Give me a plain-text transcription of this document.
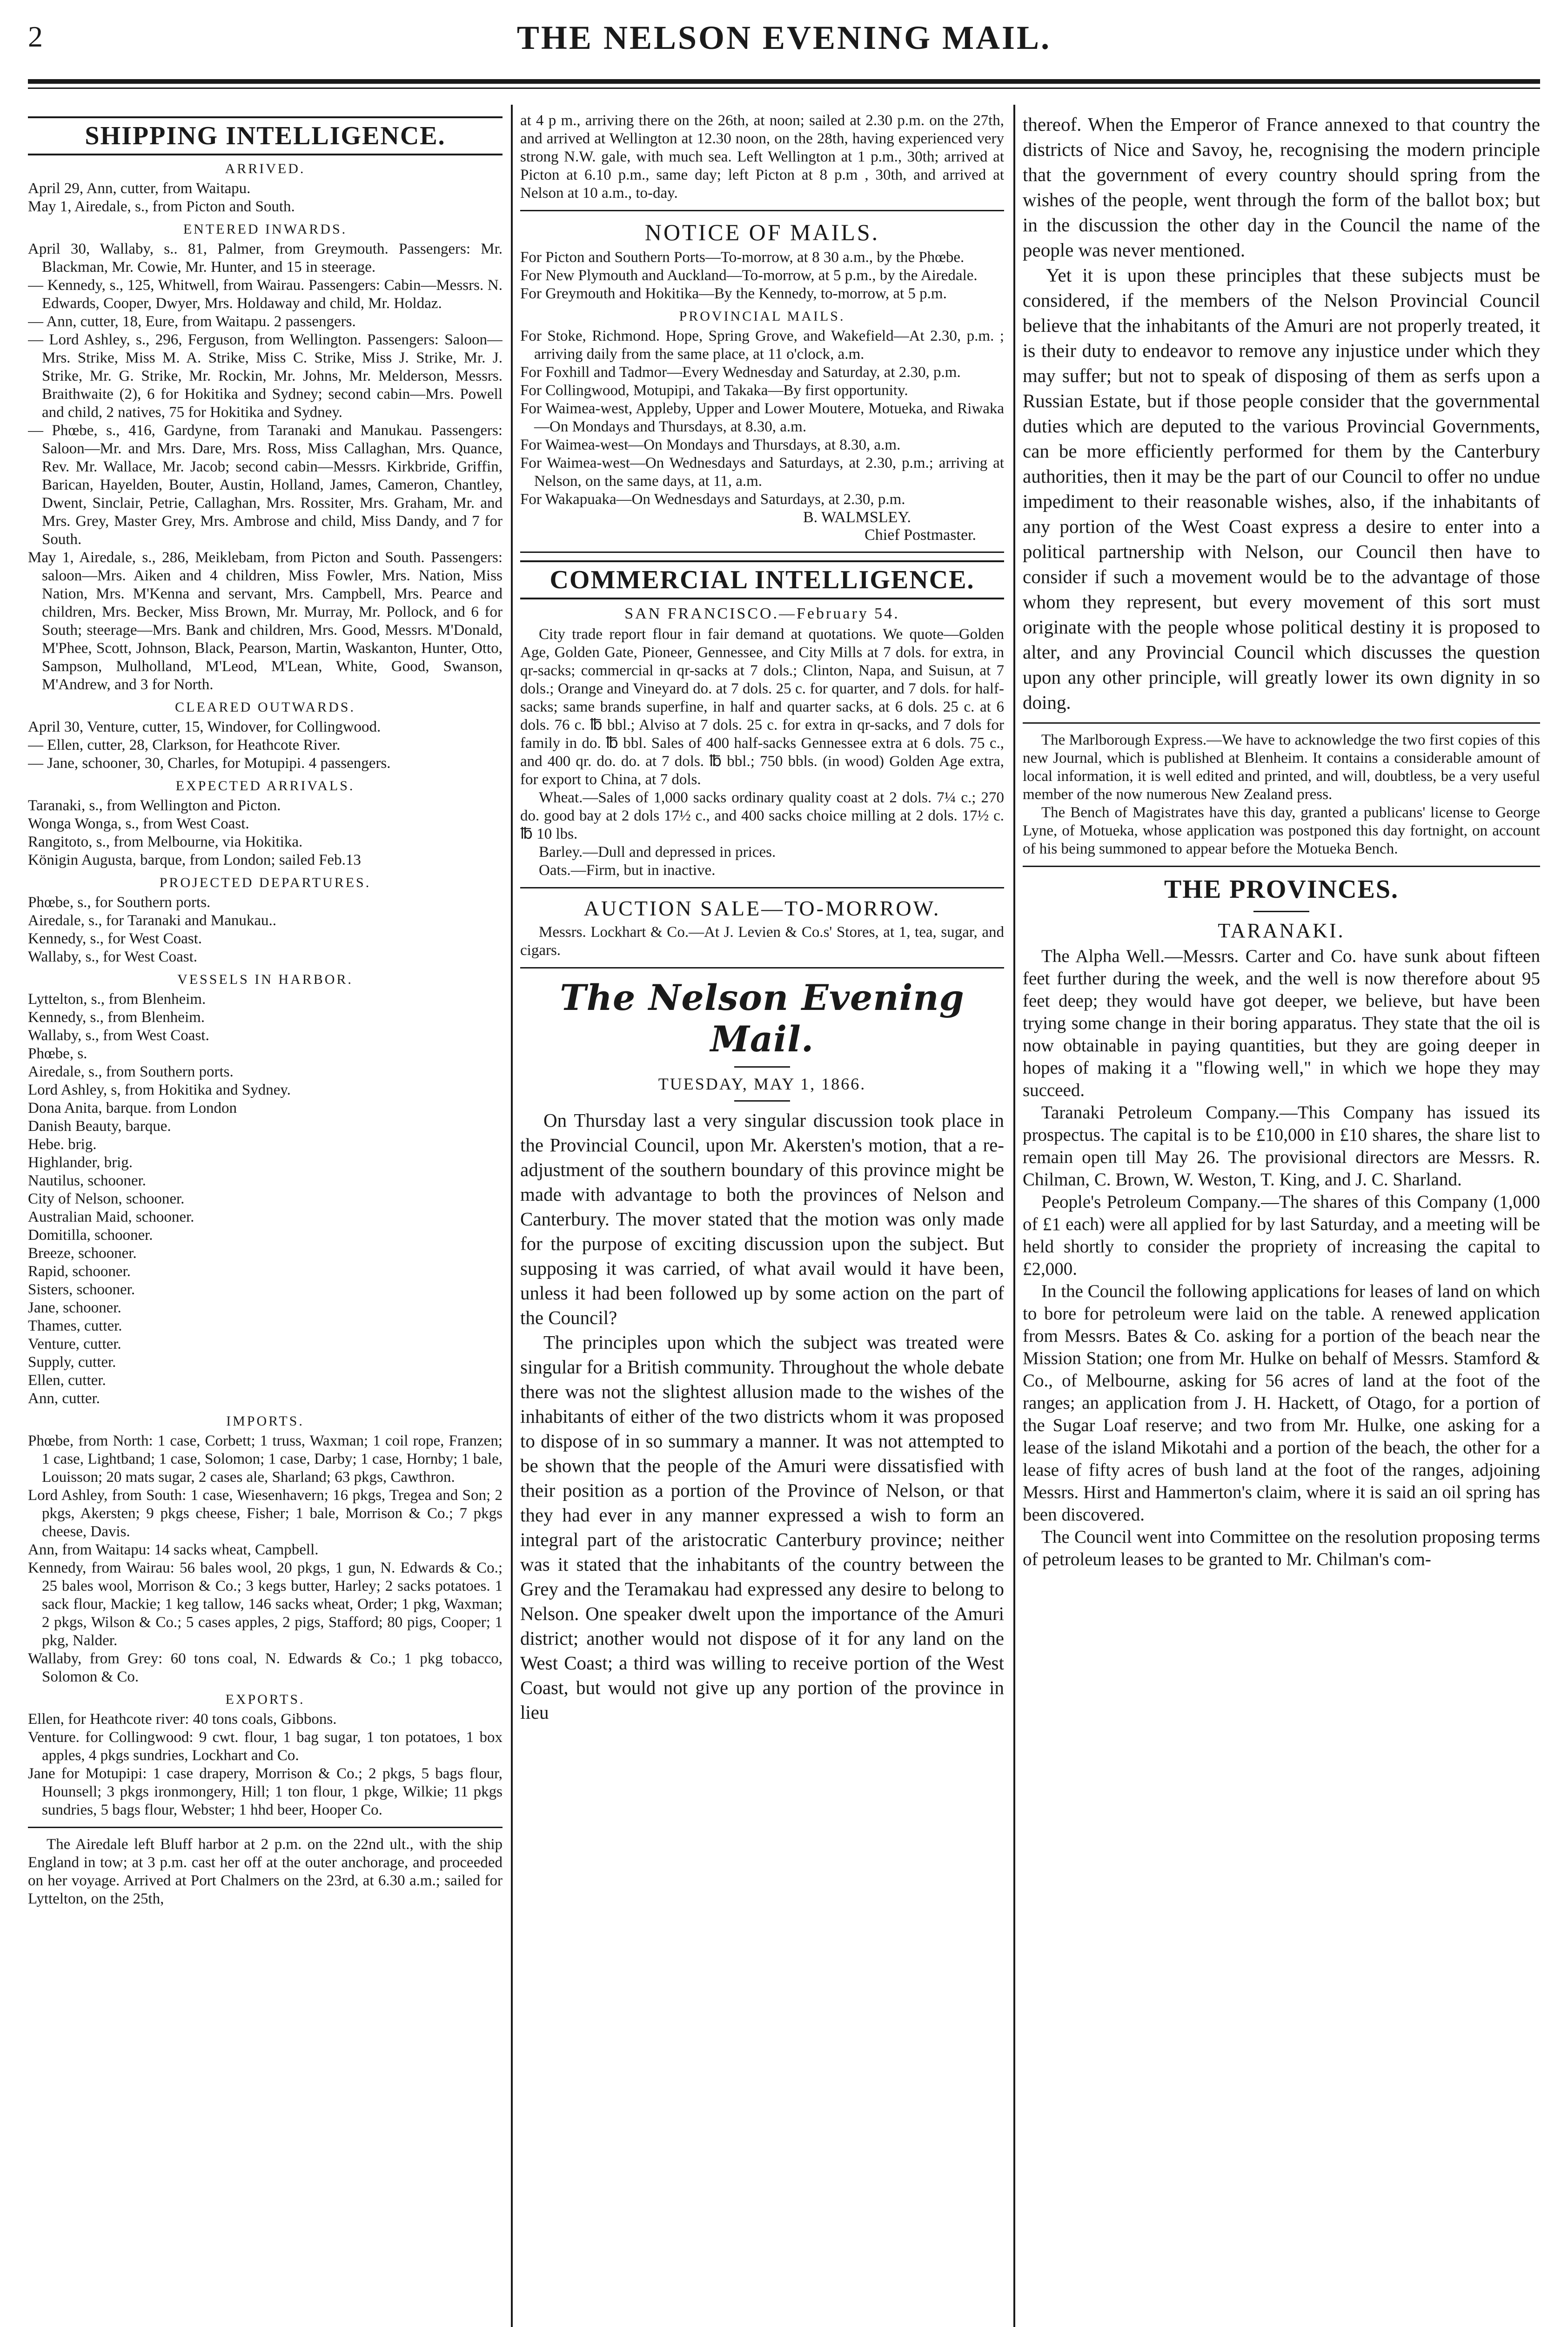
2	THE NELSON EVENING MAIL.
SHIPPING INTELLIGENCE.
ARRIVED.

April 29, Ann, cutter, from Waitapu.

May 1, Airedale, s., from Picton and South.

ENTERED INWARDS.

April 30, Wallaby, s.. 81, Palmer, from Greymouth. Passengers: Mr. Blackman, Mr. Cowie, Mr. Hunter, and 15 in steerage.

— Kennedy, s., 125, Whitwell, from Wairau. Passengers: Cabin—Messrs. N. Edwards, Cooper, Dwyer, Mrs. Holdaway and child, Mr. Holdaz.

— Ann, cutter, 18, Eure, from Waitapu. 2 passengers.

— Lord Ashley, s., 296, Ferguson, from Wellington. Passengers: Saloon—Mrs. Strike, Miss M. A. Strike, Miss C. Strike, Miss J. Strike, Mr. J. Strike, Mr. G. Strike, Mr. Rockin, Mr. Johns, Mr. Melderson, Messrs. Braithwaite (2), 6 for Hokitika and Sydney; second cabin—Mrs. Powell and child, 2 natives, 75 for Hokitika and Sydney.

— Phœbe, s., 416, Gardyne, from Taranaki and Manukau. Passengers: Saloon—Mr. and Mrs. Dare, Mrs. Ross, Miss Callaghan, Mrs. Quance, Rev. Mr. Wallace, Mr. Jacob; second cabin—Messrs. Kirkbride, Griffin, Barican, Hayelden, Bouter, Austin, Holland, James, Cameron, Chantley, Dwent, Sinclair, Petrie, Callaghan, Mrs. Rossiter, Mrs. Graham, Mr. and Mrs. Grey, Master Grey, Mrs. Ambrose and child, Miss Dandy, and 7 for South.

May 1, Airedale, s., 286, Meiklebam, from Picton and South. Passengers: saloon—Mrs. Aiken and 4 children, Miss Fowler, Mrs. Nation, Miss Nation, Mrs. M'Kenna and servant, Mrs. Campbell, Mrs. Pearce and children, Mrs. Becker, Miss Brown, Mr. Murray, Mr. Pollock, and 6 for South; steerage—Mrs. Bank and children, Mrs. Good, Messrs. M'Donald, M'Phee, Scott, Johnson, Black, Pearson, Martin, Waskanton, Hunter, Otto, Sampson, Mulholland, M'Leod, M'Lean, White, Good, Swanson, M'Andrew, and 3 for North.

CLEARED OUTWARDS.

April 30, Venture, cutter, 15, Windover, for Collingwood.

— Ellen, cutter, 28, Clarkson, for Heathcote River.

— Jane, schooner, 30, Charles, for Motupipi. 4 passengers.

EXPECTED ARRIVALS.

Taranaki, s., from Wellington and Picton.

Wonga Wonga, s., from West Coast.

Rangitoto, s., from Melbourne, via Hokitika.

Königin Augusta, barque, from London; sailed Feb.13

PROJECTED DEPARTURES.

Phœbe, s., for Southern ports.

Airedale, s., for Taranaki and Manukau..

Kennedy, s., for West Coast.

Wallaby, s., for West Coast.

VESSELS IN HARBOR.

Lyttelton, s., from Blenheim.

Kennedy, s., from Blenheim.

Wallaby, s., from West Coast.

Phœbe, s.

Airedale, s., from Southern ports.

Lord Ashley, s, from Hokitika and Sydney.

Dona Anita, barque. from London

Danish Beauty, barque.

Hebe. brig.

Highlander, brig.

Nautilus, schooner.

City of Nelson, schooner.

Australian Maid, schooner.

Domitilla, schooner.

Breeze, schooner.

Rapid, schooner.

Sisters, schooner.

Jane, schooner.

Thames, cutter.

Venture, cutter.

Supply, cutter.

Ellen, cutter.

Ann, cutter.

IMPORTS.

Phœbe, from North: 1 case, Corbett; 1 truss, Waxman; 1 coil rope, Franzen; 1 case, Lightband; 1 case, Solomon; 1 case, Darby; 1 case, Hornby; 1 bale, Louisson; 20 mats sugar, 2 cases ale, Sharland; 63 pkgs, Cawthron.

Lord Ashley, from South: 1 case, Wiesenhavern; 16 pkgs, Tregea and Son; 2 pkgs, Akersten; 9 pkgs cheese, Fisher; 1 bale, Morrison & Co.; 7 pkgs cheese, Davis.

Ann, from Waitapu: 14 sacks wheat, Campbell.

Kennedy, from Wairau: 56 bales wool, 20 pkgs, 1 gun, N. Edwards & Co.; 25 bales wool, Morrison & Co.; 3 kegs butter, Harley; 2 sacks potatoes. 1 sack flour, Mackie; 1 keg tallow, 146 sacks wheat, Order; 1 pkg, Waxman; 2 pkgs, Wilson & Co.; 5 cases apples, 2 pigs, Stafford; 80 pigs, Cooper; 1 pkg, Nalder.

Wallaby, from Grey: 60 tons coal, N. Edwards & Co.; 1 pkg tobacco, Solomon & Co.

EXPORTS.

Ellen, for Heathcote river: 40 tons coals, Gibbons.

Venture. for Collingwood: 9 cwt. flour, 1 bag sugar, 1 ton potatoes, 1 box apples, 4 pkgs sundries, Lockhart and Co.

Jane for Motupipi: 1 case drapery, Morrison & Co.; 2 pkgs, 5 bags flour, Hounsell; 3 pkgs ironmongery, Hill; 1 ton flour, 1 pkge, Wilkie; 11 pkgs sundries, 5 bags flour, Webster; 1 hhd beer, Hooper Co.

The Airedale left Bluff harbor at 2 p.m. on the 22nd ult., with the ship England in tow; at 3 p.m. cast her off at the outer anchorage, and proceeded on her voyage. Arrived at Port Chalmers on the 23rd, at 6.30 a.m.; sailed for Lyttelton, on the 25th,

at 4 p m., arriving there on the 26th, at noon; sailed at 2.30 p.m. on the 27th, and arrived at Wellington at 12.30 noon, on the 28th, having experienced very strong N.W. gale, with much sea. Left Wellington at 1 p.m., 30th; arrived at Picton at 6.10 p.m., same day; left Picton at 8 p.m , 30th, and arrived at Nelson at 10 a.m., to-day.

NOTICE OF MAILS.

For Picton and Southern Ports—To-morrow, at 8 30 a.m., by the Phœbe.

For New Plymouth and Auckland—To-morrow, at 5 p.m., by the Airedale.

For Greymouth and Hokitika—By the Kennedy, to-morrow, at 5 p.m.

PROVINCIAL MAILS.

For Stoke, Richmond. Hope, Spring Grove, and Wakefield—At 2.30, p.m. ; arriving daily from the same place, at 11 o'clock, a.m.

For Foxhill and Tadmor—Every Wednesday and Saturday, at 2.30, p.m.

For Collingwood, Motupipi, and Takaka—By first opportunity.

For Waimea-west, Appleby, Upper and Lower Moutere, Motueka, and Riwaka—On Mondays and Thursdays, at 8.30, a.m.

For Waimea-west—On Mondays and Thursdays, at 8.30, a.m.

For Waimea-west—On Wednesdays and Saturdays, at 2.30, p.m.; arriving at Nelson, on the same days, at 11, a.m.

For Wakapuaka—On Wednesdays and Saturdays, at 2.30, p.m.

B. WALMSLEY.

Chief Postmaster.

COMMERCIAL INTELLIGENCE.
SAN FRANCISCO.—February 54.

City trade report flour in fair demand at quotations. We quote—Golden Age, Golden Gate, Pioneer, Gennessee, and City Mills at 7 dols. for extra, in qr-sacks; commercial in qr-sacks at 7 dols.; Clinton, Napa, and Suisun, at 7 dols.; Orange and Vineyard do. at 7 dols. 25 c. for quarter, and 7 dols. for half-sacks; same brands superfine, in half and quarter sacks, at 6 dols. 25 c. at 6 dols. 76 c. ℔ bbl.; Alviso at 7 dols. 25 c. for extra in qr-sacks, and 7 dols for family in do. ℔ bbl. Sales of 400 half-sacks Gennessee extra at 6 dols. 75 c., and 400 qr. do. do. at 7 dols. ℔ bbl.; 750 bbls. (in wood) Golden Age extra, for export to China, at 7 dols.

Wheat.—Sales of 1,000 sacks ordinary quality coast at 2 dols. 7¼ c.; 270 do. good bay at 2 dols 17½ c., and 400 sacks choice milling at 2 dols. 17½ c. ℔ 10 lbs.

Barley.—Dull and depressed in prices.

Oats.—Firm, but in inactive.

AUCTION SALE—TO-MORROW.

Messrs. Lockhart & Co.—At J. Levien & Co.s' Stores, at 1, tea, sugar, and cigars.

The Nelson Evening Mail.
TUESDAY, MAY 1, 1866.

On Thursday last a very singular discussion took place in the Provincial Council, upon Mr. Akersten's motion, that a re-adjustment of the southern boundary of this province might be made with advantage to both the provinces of Nelson and Canterbury. The mover stated that the motion was only made for the purpose of exciting discussion upon the subject. But supposing it was carried, of what avail would it have been, unless it had been followed up by some action on the part of the Council?

The principles upon which the subject was treated were singular for a British community. Throughout the whole debate there was not the slightest allusion made to the wishes of the inhabitants of either of the two districts whom it was proposed to dispose of in so summary a manner. It was not attempted to be shown that the people of the Amuri were dissatisfied with their position as a portion of the Province of Nelson, or that they had ever in any manner expressed a wish to form an integral part of the aristocratic Canterbury province; neither was it stated that the inhabitants of the country between the Grey and the Teramakau had expressed any desire to belong to Nelson. One speaker dwelt upon the importance of the Amuri district; another would not dispose of it for any land on the West Coast; a third was willing to receive portion of the West Coast, but would not give up any portion of the province in lieu

thereof. When the Emperor of France annexed to that country the districts of Nice and Savoy, he, recognising the modern principle that the government of every country should spring from the wishes of the people, went through the form of the ballot box; but in the discussion the other day in the Council the name of the people was never mentioned.

Yet it is upon these principles that these subjects must be considered, if the members of the Nelson Provincial Council believe that the inhabitants of the Amuri are not properly treated, it is their duty to endeavor to remove any injustice under which they may suffer; but not to speak of disposing of them as serfs upon a Russian Estate, but if those people consider that the governmental duties which are deputed to the various Provincial Governments, can be more efficiently performed for them by the Canterbury authorities, then it may be the part of our Council to offer no undue impediment to their reasonable wishes, also, if the inhabitants of any portion of the West Coast express a desire to enter into a political partnership with Nelson, our Council then have to consider if such a movement would be to the advantage of those whom they represent, but every movement of this sort must originate with the people whose political destiny it is proposed to alter, and any Provincial Council which discusses the question upon any other principle, will greatly lower its own dignity in so doing.

The Marlborough Express.—We have to acknowledge the two first copies of this new Journal, which is published at Blenheim. It contains a considerable amount of local information, it is well edited and printed, and will, doubtless, be a very useful member of the now numerous New Zealand press.

The Bench of Magistrates have this day, granted a publicans' license to George Lyne, of Motueka, whose application was postponed this day fortnight, on account of his being summoned to appear before the Motueka Bench.

THE PROVINCES.
TARANAKI.

The Alpha Well.—Messrs. Carter and Co. have sunk about fifteen feet further during the week, and the well is now therefore about 95 feet deep; they would have got deeper, we believe, but have been trying some change in their boring apparatus. They state that the oil is now obtainable in paying quantities, but they are going deeper in hopes of making it a "flowing well," in which we hope they may succeed.

Taranaki Petroleum Company.—This Company has issued its prospectus. The capital is to be £10,000 in £10 shares, the share list to remain open till May 26. The provisional directors are Messrs. R. Chilman, C. Brown, W. Weston, T. King, and J. C. Sharland.

People's Petroleum Company.—The shares of this Company (1,000 of £1 each) were all applied for by last Saturday, and a meeting will be held shortly to consider the propriety of increasing the capital to £2,000.

In the Council the following applications for leases of land on which to bore for petroleum were laid on the table. A renewed application from Messrs. Bates & Co. asking for a portion of the beach near the Mission Station; one from Mr. Hulke on behalf of Messrs. Stamford & Co., of Melbourne, asking for 56 acres of land at the foot of the ranges; an application from J. H. Hackett, of Otago, for a portion of the Sugar Loaf reserve; and two from Mr. Hulke, one asking for a lease of the island Mikotahi and a portion of the beach, the other for a lease of fifty acres of bush land at the foot of the ranges, adjoining Messrs. Hirst and Hammerton's claim, where it is said an oil spring has been discovered.

The Council went into Committee on the resolution proposing terms of petroleum leases to be granted to Mr. Chilman's com-
